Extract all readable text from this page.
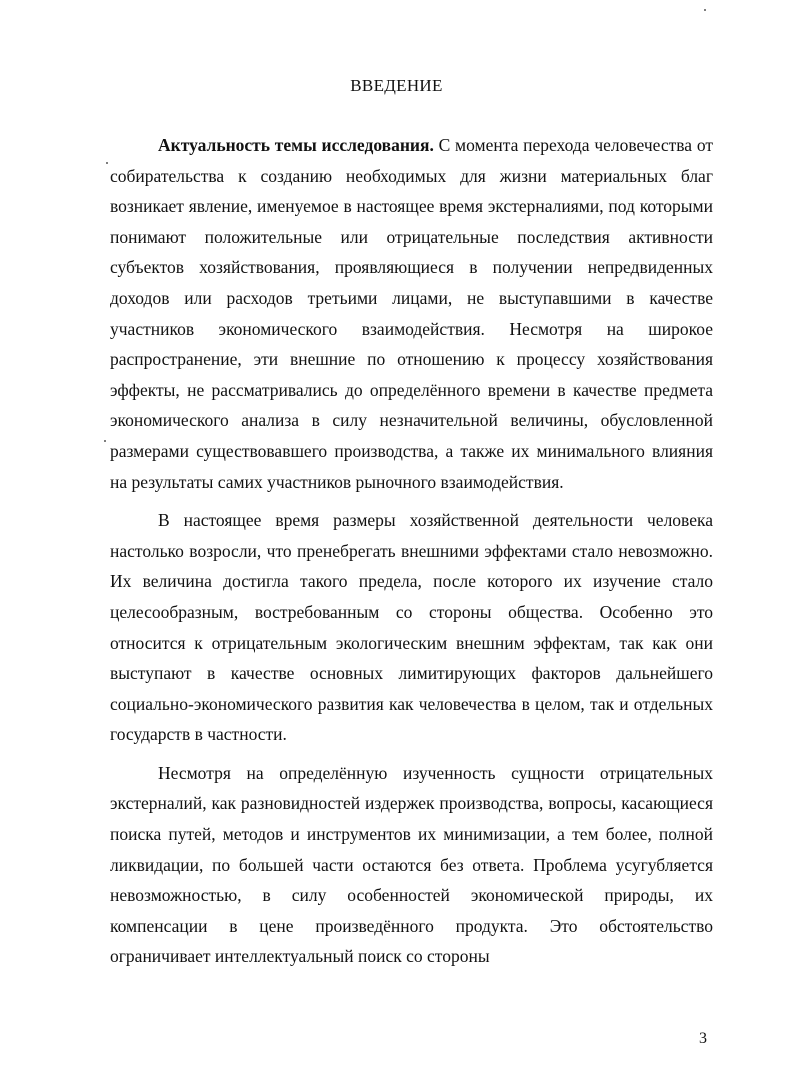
ВВЕДЕНИЕ

Актуальность темы исследования. С момента перехода человечества от собирательства к созданию необходимых для жизни материальных благ возникает явление, именуемое в настоящее время экстерналиями, под которыми понимают положительные или отрицательные последствия активности субъектов хозяйствования, проявляющиеся в получении непредвиденных доходов или расходов третьими лицами, не выступавшими в качестве участников экономического взаимодействия. Несмотря на широкое распространение, эти внешние по отношению к процессу хозяйствования эффекты, не рассматривались до определённого времени в качестве предмета экономического анализа в силу незначительной величины, обусловленной размерами существовавшего производства, а также их минимального влияния на результаты самих участников рыночного взаимодействия.

В настоящее время размеры хозяйственной деятельности человека настолько возросли, что пренебрегать внешними эффектами стало невозможно. Их величина достигла такого предела, после которого их изучение стало целесообразным, востребованным со стороны общества. Особенно это относится к отрицательным экологическим внешним эффектам, так как они выступают в качестве основных лимитирующих факторов дальнейшего социально-экономического развития как человечества в целом, так и отдельных государств в частности.

Несмотря на определённую изученность сущности отрицательных экстерналий, как разновидностей издержек производства, вопросы, касающиеся поиска путей, методов и инструментов их минимизации, а тем более, полной ликвидации, по большей части остаются без ответа. Проблема усугубляется невозможностью, в силу особенностей экономической природы, их компенсации в цене произведённого продукта. Это обстоятельство ограничивает интеллектуальный поиск со стороны

3
